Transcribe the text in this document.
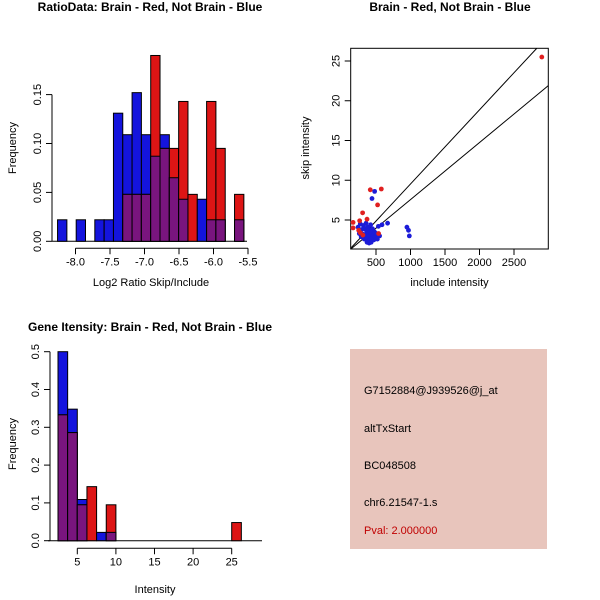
0.00
0.05
0.10
0.15
-8.0 -7.5 -7.0 -6.5 -6.0 -5.5
5
10
15
20
25
500 1000 1500 2000 2500
0.0
0.1
0.2
0.3
0.4
0.5
5	10 15 20 25
RatioData: Brain - Red, Not Brain - Blue	Brain - Red, Not Brain - Blue
Gene Itensity: Brain - Red, Not Brain - Blue
Frequency
Log2 Ratio Skip/Include
skip intensity
include intensity
Frequency
Intensity
G7152884@J939526@j_at
altTxStart
BC048508
chr6.21547-1.s
Pval: 2.000000
